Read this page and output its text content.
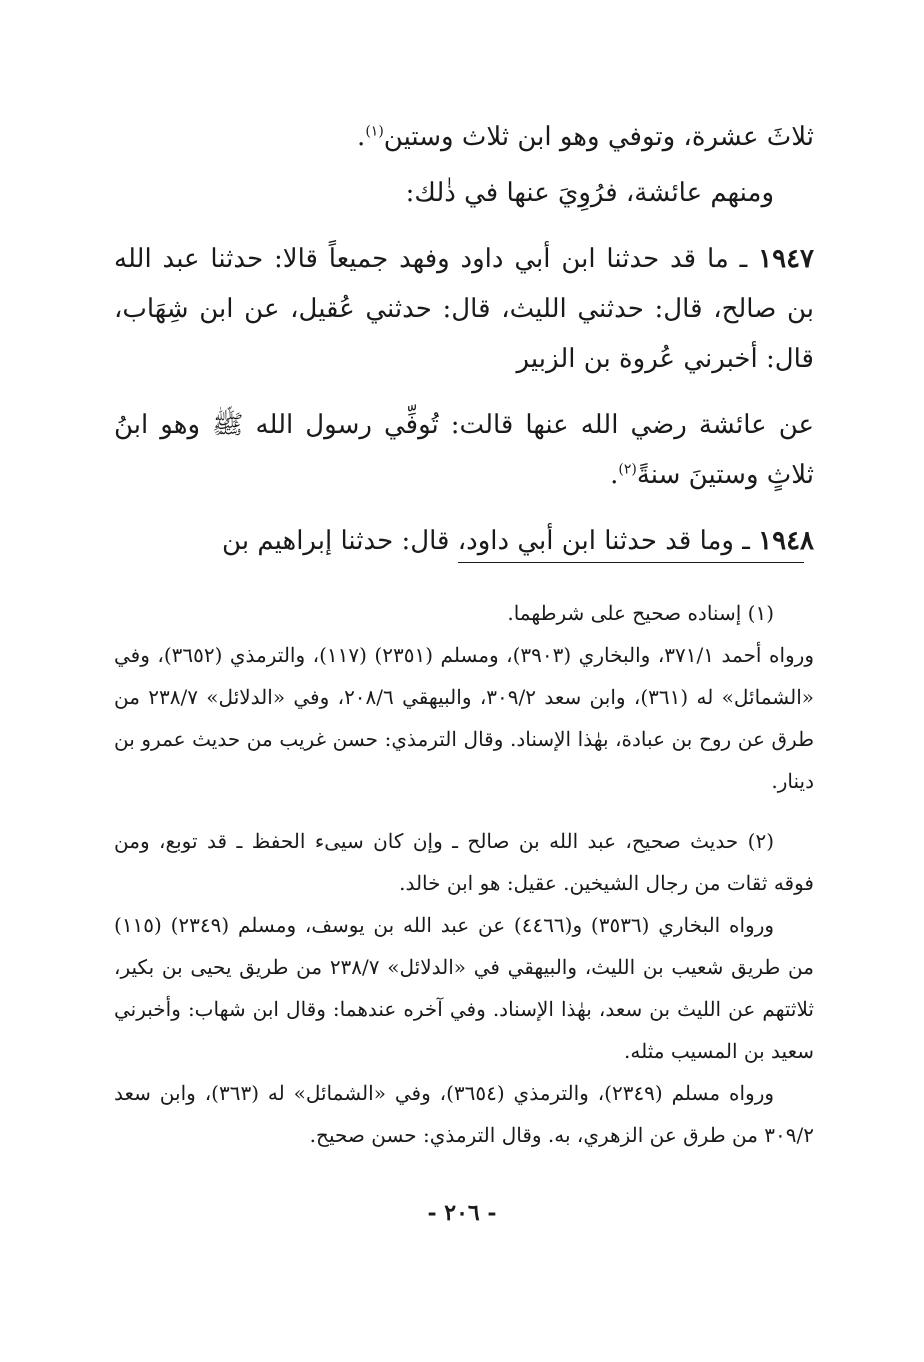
ثلاثَ عشرة، وتوفي وهو ابن ثلاث وستين$^{(١)}$.

ومنهم عائشة، فرُوِيَ عنها في ذٰلك:

١٩٤٧ ـ ما قد حدثنا ابن أبي داود وفهد جميعاً قالا: حدثنا عبد الله بن صالح، قال: حدثني الليث، قال: حدثني عُقيل، عن ابن شِهَاب، قال: أخبرني عُروة بن الزبير

عن عائشة رضي الله عنها قالت: تُوفِّي رسول الله ﷺ وهو ابنُ ثلاثٍ وستينَ سنةً$^{(٢)}$.

١٩٤٨ ـ وما قد حدثنا ابن أبي داود، قال: حدثنا إبراهيم بن

(١) إسناده صحيح على شرطهما.

ورواه أحمد ٣٧١/١، والبخاري (٣٩٠٣)، ومسلم (٢٣٥١) (١١٧)، والترمذي (٣٦٥٢)، وفي «الشمائل» له (٣٦١)، وابن سعد ٣٠٩/٢، والبيهقي ٢٠٨/٦، وفي «الدلائل» ٢٣٨/٧ من طرق عن روح بن عبادة، بهٰذا الإسناد. وقال الترمذي: حسن غريب من حديث عمرو بن دينار.

(٢) حديث صحيح، عبد الله بن صالح ـ وإن كان سيىء الحفظ ـ قد توبع، ومن فوقه ثقات من رجال الشيخين. عقيل: هو ابن خالد.

ورواه البخاري (٣٥٣٦) و(٤٤٦٦) عن عبد الله بن يوسف، ومسلم (٢٣٤٩) (١١٥) من طريق شعيب بن الليث، والبيهقي في «الدلائل» ٢٣٨/٧ من طريق يحيى بن بكير، ثلاثتهم عن الليث بن سعد، بهٰذا الإسناد. وفي آخره عندهما: وقال ابن شهاب: وأخبرني سعيد بن المسيب مثله.

ورواه مسلم (٢٣٤٩)، والترمذي (٣٦٥٤)، وفي «الشمائل» له (٣٦٣)، وابن سعد ٣٠٩/٢ من طرق عن الزهري، به. وقال الترمذي: حسن صحيح.

- ٢٠٦ -
